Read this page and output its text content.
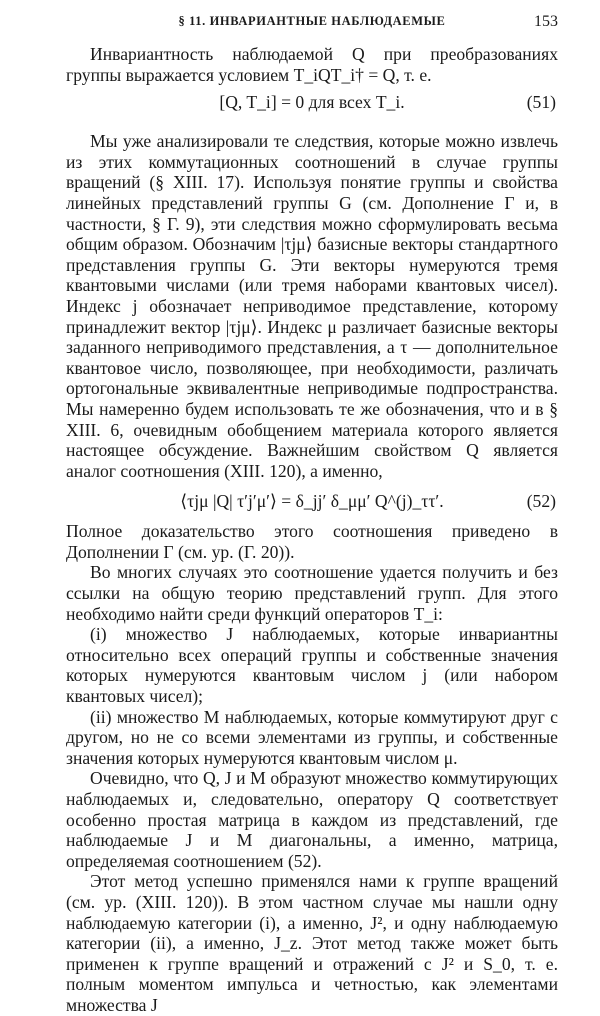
§ 11. ИНВАРИАНТНЫЕ НАБЛЮДАЕМЫЕ	153

Инвариантность наблюдаемой Q при преобразованиях группы выражается условием T_iQT_i† = Q, т. е.

[Q, T_i] = 0 для всех T_i.	(51)

Мы уже анализировали те следствия, которые можно извлечь из этих коммутационных соотношений в случае группы вращений (§ XIII. 17). Используя понятие группы и свойства линейных представлений группы G (см. Дополнение Г и, в частности, § Г. 9), эти следствия можно сформулировать весьма общим образом. Обозначим |τjμ⟩ базисные векторы стандартного представления группы G. Эти векторы нумеруются тремя квантовыми числами (или тремя наборами квантовых чисел). Индекс j обозначает неприводимое представление, которому принадлежит вектор |τjμ⟩. Индекс μ различает базисные векторы заданного неприводимого представления, а τ — дополнительное квантовое число, позволяющее, при необходимости, различать ортогональные эквивалентные неприводимые подпространства. Мы намеренно будем использовать те же обозначения, что и в § XIII. 6, очевидным обобщением материала которого является настоящее обсуждение. Важнейшим свойством Q является аналог соотношения (XIII. 120), а именно,

⟨τjμ |Q| τ′j′μ′⟩ = δ_jj′ δ_μμ′ Q^(j)_ττ′.	(52)

Полное доказательство этого соотношения приведено в Дополнении Г (см. ур. (Г. 20)).

Во многих случаях это соотношение удается получить и без ссылки на общую теорию представлений групп. Для этого необходимо найти среди функций операторов T_i:

(i) множество J наблюдаемых, которые инвариантны относительно всех операций группы и собственные значения которых нумеруются квантовым числом j (или набором квантовых чисел);

(ii) множество M наблюдаемых, которые коммутируют друг с другом, но не со всеми элементами из группы, и собственные значения которых нумеруются квантовым числом μ.

Очевидно, что Q, J и M образуют множество коммутирующих наблюдаемых и, следовательно, оператору Q соответствует особенно простая матрица в каждом из представлений, где наблюдаемые J и M диагональны, а именно, матрица, определяемая соотношением (52).

Этот метод успешно применялся нами к группе вращений (см. ур. (XIII. 120)). В этом частном случае мы нашли одну наблюдаемую категории (i), а именно, J², и одну наблюдаемую категории (ii), а именно, J_z. Этот метод также может быть применен к группе вращений и отражений с J² и S_0, т. е. полным моментом импульса и четностью, как элементами множества J
